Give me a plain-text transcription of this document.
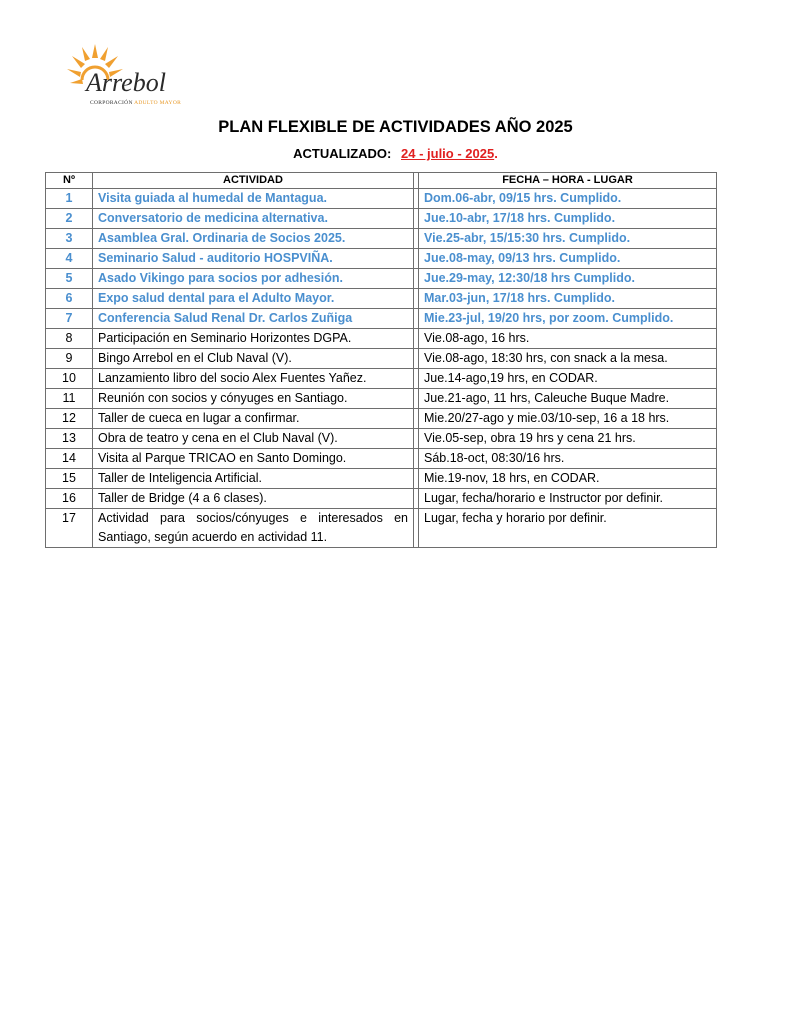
Arrebol
CORPORACIÓN ADULTO MAYOR
PLAN FLEXIBLE DE ACTIVIDADES AÑO 2025
ACTUALIZADO: 24 - julio - 2025.
Nº	ACTIVIDAD		FECHA – HORA - LUGAR
1	Visita guiada al humedal de Mantagua.		Dom.06-abr, 09/15 hrs. Cumplido.
2	Conversatorio de medicina alternativa.		Jue.10-abr, 17/18 hrs. Cumplido.
3	Asamblea Gral. Ordinaria de Socios 2025.		Vie.25-abr, 15/15:30 hrs. Cumplido.
4	Seminario Salud - auditorio HOSPVIÑA.		Jue.08-may, 09/13 hrs. Cumplido.
5	Asado Vikingo para socios por adhesión.		Jue.29-may, 12:30/18 hrs Cumplido.
6	Expo salud dental para el Adulto Mayor.		Mar.03-jun, 17/18 hrs. Cumplido.
7	Conferencia Salud Renal Dr. Carlos Zuñiga		Mie.23-jul, 19/20 hrs, por zoom. Cumplido.
8	Participación en Seminario Horizontes DGPA.		Vie.08-ago, 16 hrs.
9	Bingo Arrebol en el Club Naval (V).		Vie.08-ago, 18:30 hrs, con snack a la mesa.
10	Lanzamiento libro del socio Alex Fuentes Yañez.		Jue.14-ago,19 hrs, en CODAR.
11	Reunión con socios y cónyuges en Santiago.		Jue.21-ago, 11 hrs, Caleuche Buque Madre.
12	Taller de cueca en lugar a confirmar.		Mie.20/27-ago y mie.03/10-sep, 16 a 18 hrs.
13	Obra de teatro y cena en el Club Naval (V).		Vie.05-sep, obra 19 hrs y cena 21 hrs.
14	Visita al Parque TRICAO en Santo Domingo.		Sáb.18-oct, 08:30/16 hrs.
15	Taller de Inteligencia Artificial.		Mie.19-nov, 18 hrs, en CODAR.
16	Taller de Bridge (4 a 6 clases).		Lugar, fecha/horario e Instructor por definir.
17	Actividad para socios/cónyuges e interesados en Santiago, según acuerdo en actividad 11.		Lugar, fecha y horario por definir.
